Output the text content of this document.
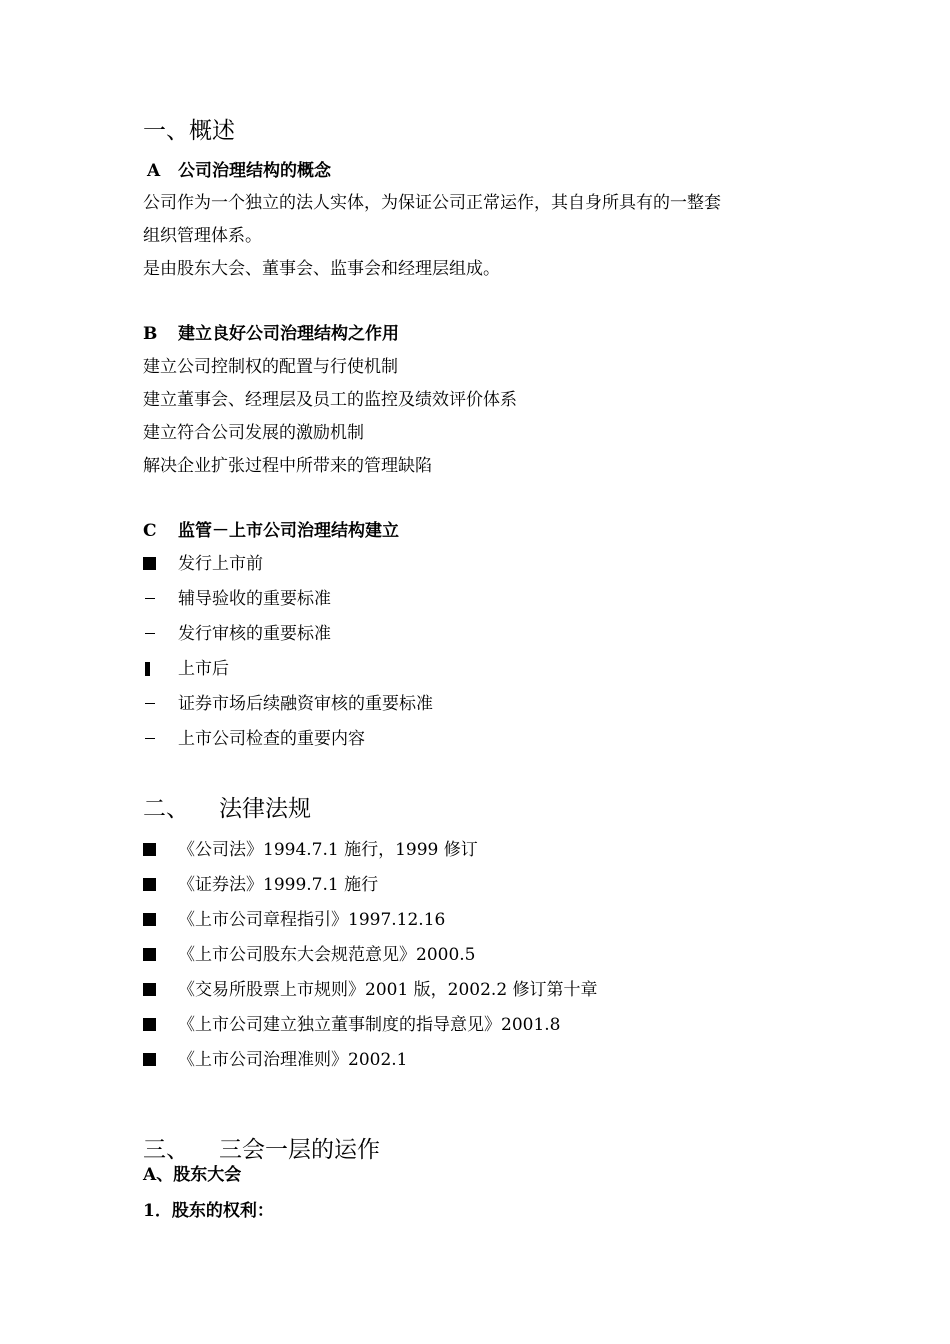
一、概述
A 公司治理结构的概念
公司作为一个独立的法人实体，为保证公司正常运作，其自身所具有的一整套
组织管理体系。
是由股东大会、董事会、监事会和经理层组成。
B 建立良好公司治理结构之作用
建立公司控制权的配置与行使机制
建立董事会、经理层及员工的监控及绩效评价体系
建立符合公司发展的激励机制
解决企业扩张过程中所带来的管理缺陷
C 监管－上市公司治理结构建立
发行上市前
辅导验收的重要标准
发行审核的重要标准
上市后
证券市场后续融资审核的重要标准
上市公司检查的重要内容
二、 法律法规
《公司法》1994.7.1 施行，1999 修订
《证券法》1999.7.1 施行
《上市公司章程指引》1997.12.16
《上市公司股东大会规范意见》2000.5
《交易所股票上市规则》2001 版，2002.2 修订第十章
《上市公司建立独立董事制度的指导意见》2001.8
《上市公司治理准则》2002.1
三、 三会一层的运作
A、股东大会
1．股东的权利：
